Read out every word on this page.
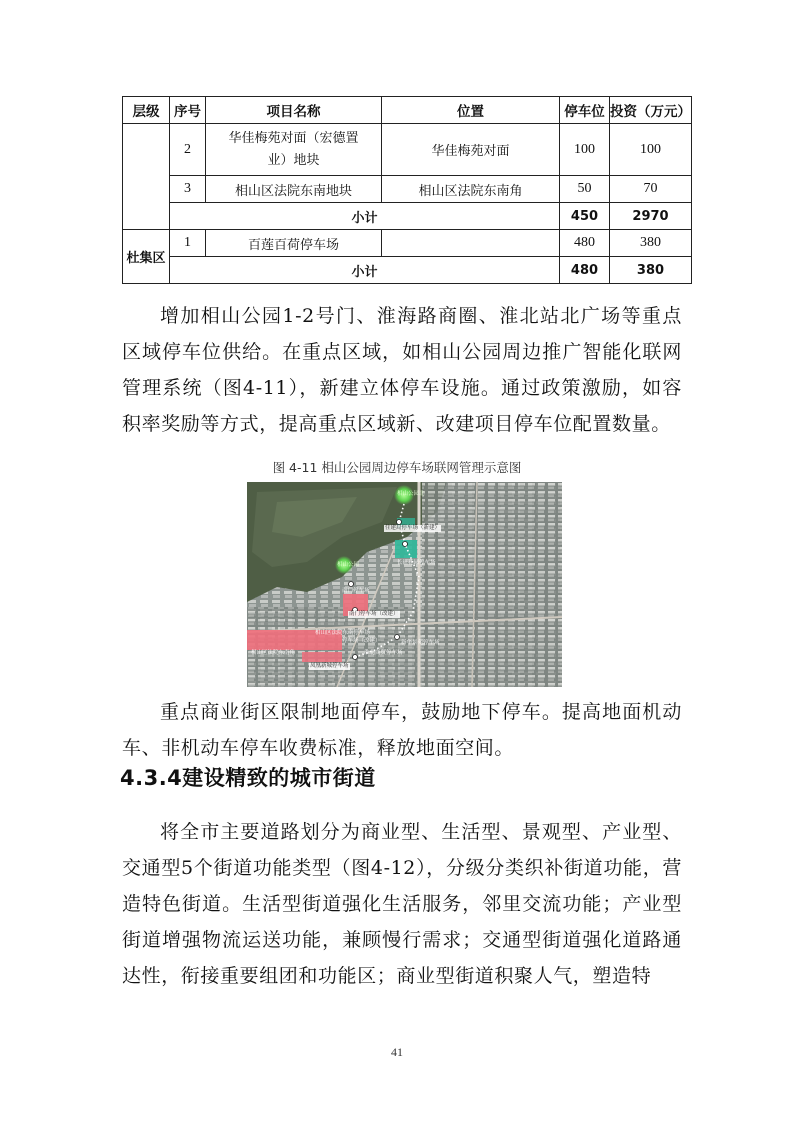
层级	序号	项目名称	位置	停车位	投资（万元）
	2	华佳梅苑对面（宏德置业）地块	华佳梅苑对面	100	100
	3	相山区法院东南地块	相山区法院东南角	50	70
	小计			450	2970
杜集区	1	百莲百荷停车场		480	380
	小计			480	380

增加相山公园1-2号门、淮海路商圈、淮北站北广场等重点区域停车位供给。在重点区域，如相山公园周边推广智能化联网管理系统（图4-11），新建立体停车设施。通过政策激励，如容积率奖励等方式，提高重点区域新、改建项目停车位配置数量。

图 4-11 相山公园周边停车场联网管理示意图
相山公园北
住建局停车场（新建）
长征花园停车场
相山公园
南门停车场
南门停车场（改建）
相山区法院东南停车场
停车场（改建）	新华景苑停车场
淮北商贸停车场
凤凰新城停车场
相山区法院东南角

重点商业街区限制地面停车，鼓励地下停车。提高地面机动车、非机动车停车收费标准，释放地面空间。

4.3.4建设精致的城市街道

将全市主要道路划分为商业型、生活型、景观型、产业型、交通型5个街道功能类型（图4-12），分级分类织补街道功能，营造特色街道。生活型街道强化生活服务，邻里交流功能；产业型街道增强物流运送功能，兼顾慢行需求；交通型街道强化道路通达性，衔接重要组团和功能区；商业型街道积聚人气，塑造特

41
